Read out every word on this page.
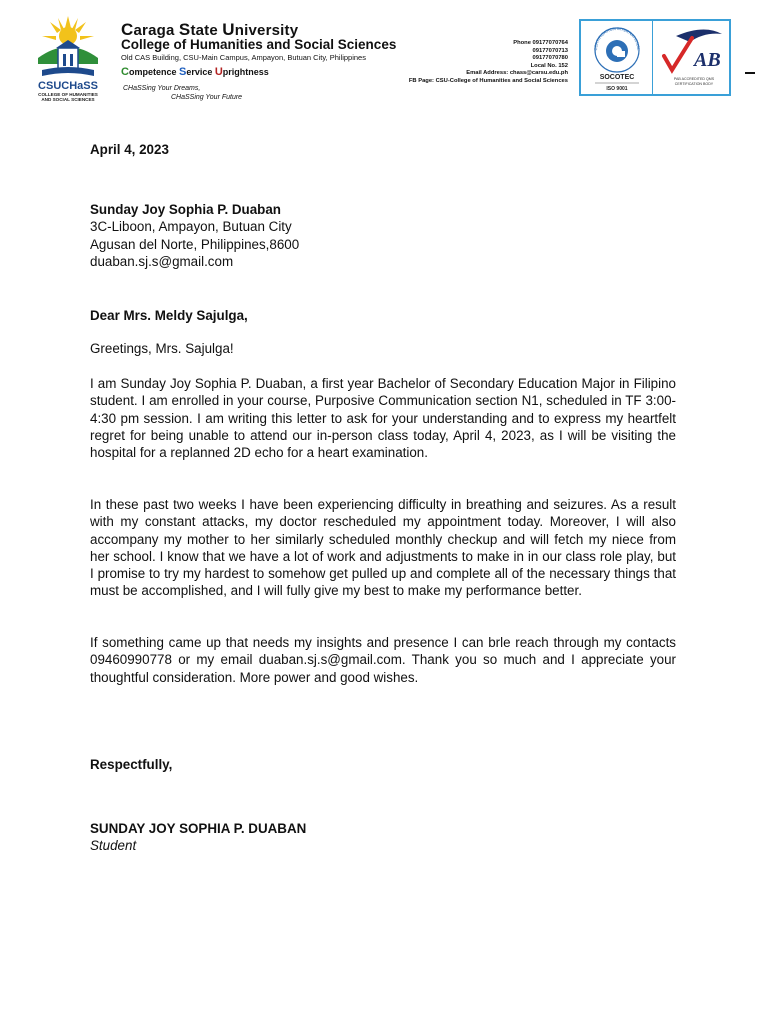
CSUCHaSS
COLLEGE OF HUMANITIES
AND SOCIAL SCIENCES
Caraga State University
College of Humanities and Social Sciences
Old CAS Building, CSU-Main Campus, Ampayon, Butuan City, Philippines
Competence Service Uprightness
CHaSSing Your Dreams,
CHaSSing Your Future
Phone 09177070764
09177070713
09177070780
Local No. 152
Email Address: chass@carsu.edu.ph
FB Page: CSU-College of Humanities and Social Sciences
CERTIFICATION INTERNATIONAL
SOCOTEC
ISO 9001
AB
PAB ACCREDITED QMS
CERTIFICATION BODY
April 4, 2023
Sunday Joy Sophia P. Duaban
3C-Liboon, Ampayon, Butuan City
Agusan del Norte, Philippines,8600
duaban.sj.s@gmail.com
Dear Mrs. Meldy Sajulga,
Greetings, Mrs. Sajulga!
I am Sunday Joy Sophia P. Duaban, a first year Bachelor of Secondary Education Major in Filipino student. I am enrolled in your course, Purposive Communication section N1, scheduled in TF 3:00-4:30 pm session. I am writing this letter to ask for your understanding and to express my heartfelt regret for being unable to attend our in-person class today, April 4, 2023, as I will be visiting the hospital for a replanned 2D echo for a heart examination.
In these past two weeks I have been experiencing difficulty in breathing and seizures. As a result with my constant attacks, my doctor rescheduled my appointment today. Moreover, I will also accompany my mother to her similarly scheduled monthly checkup and will fetch my niece from her school. I know that we have a lot of work and adjustments to make in in our class role play, but I promise to try my hardest to somehow get pulled up and complete all of the necessary things that must be accomplished, and I will fully give my best to make my performance better.
If something came up that needs my insights and presence I can brle reach through my contacts 09460990778 or my email duaban.sj.s@gmail.com. Thank you so much and I appreciate your thoughtful consideration. More power and good wishes.
Respectfully,
SUNDAY JOY SOPHIA P. DUABAN
Student
